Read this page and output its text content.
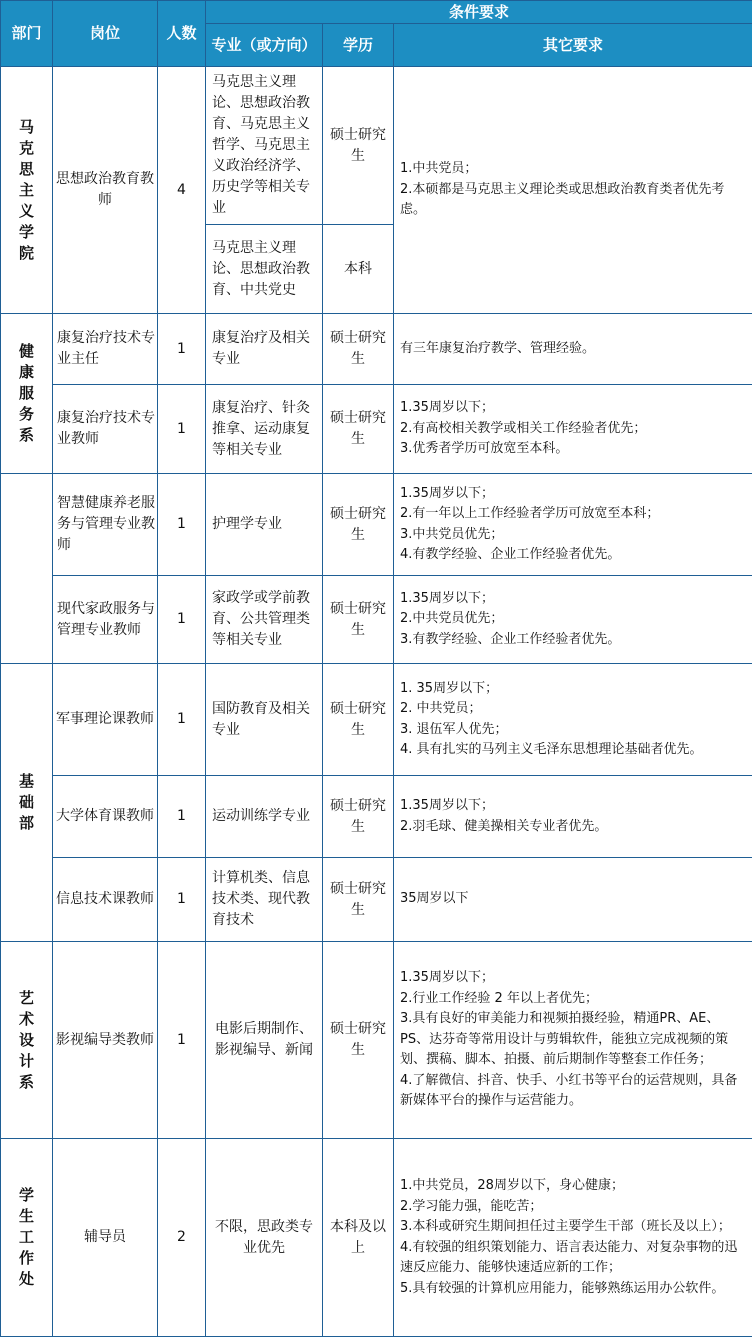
部门	岗位	人数	条件要求		
			专业（或方向）	学历	其它要求
马克思主义学院	思想政治教育教师	4	马克思主义理论、思想政治教育、马克思主义哲学、马克思主义政治经济学、历史学等相关专业	硕士研究生	1.中共党员；
2.本硕都是马克思主义理论类或思想政治教育类者优先考虑。

			马克思主义理论、思想政治教育、中共党史	本科	
健康服务系	康复治疗技术专业主任	1	康复治疗及相关专业	硕士研究生	有三年康复治疗教学、管理经验。

	康复治疗技术专业教师	1	康复治疗、针灸推拿、运动康复等相关专业	硕士研究生	1.35周岁以下；
2.有高校相关教学或相关工作经验者优先；
3.优秀者学历可放宽至本科。

	智慧健康养老服务与管理专业教师	1	护理学专业	硕士研究生	1.35周岁以下；
2.有一年以上工作经验者学历可放宽至本科；
3.中共党员优先；
4.有教学经验、企业工作经验者优先。

	现代家政服务与管理专业教师	1	家政学或学前教育、公共管理类等相关专业	硕士研究生	1.35周岁以下；
2.中共党员优先；
3.有教学经验、企业工作经验者优先。

基础部	军事理论课教师	1	国防教育及相关专业	硕士研究生	1. 35周岁以下；
2. 中共党员；
3. 退伍军人优先；
4. 具有扎实的马列主义毛泽东思想理论基础者优先。

	大学体育课教师	1	运动训练学专业	硕士研究生	1.35周岁以下；
2.羽毛球、健美操相关专业者优先。

	信息技术课教师	1	计算机类、信息技术类、现代教育技术	硕士研究生	35周岁以下

艺术设计系	影视编导类教师	1	电影后期制作、影视编导、新闻	硕士研究生	1.35周岁以下；
2.行业工作经验 2 年以上者优先；
3.具有良好的审美能力和视频拍摄经验，精通PR、AE、PS、达芬奇等常用设计与剪辑软件，能独立完成视频的策划、撰稿、脚本、拍摄、前后期制作等整套工作任务；
4.了解微信、抖音、快手、小红书等平台的运营规则，具备新媒体平台的操作与运营能力。

学生工作处	辅导员	2	不限，思政类专业优先	本科及以上	1.中共党员，28周岁以下，身心健康；
2.学习能力强，能吃苦；
3.本科或研究生期间担任过主要学生干部（班长及以上）；
4.有较强的组织策划能力、语言表达能力、对复杂事物的迅速反应能力、能够快速适应新的工作；
5.具有较强的计算机应用能力，能够熟练运用办公软件。
